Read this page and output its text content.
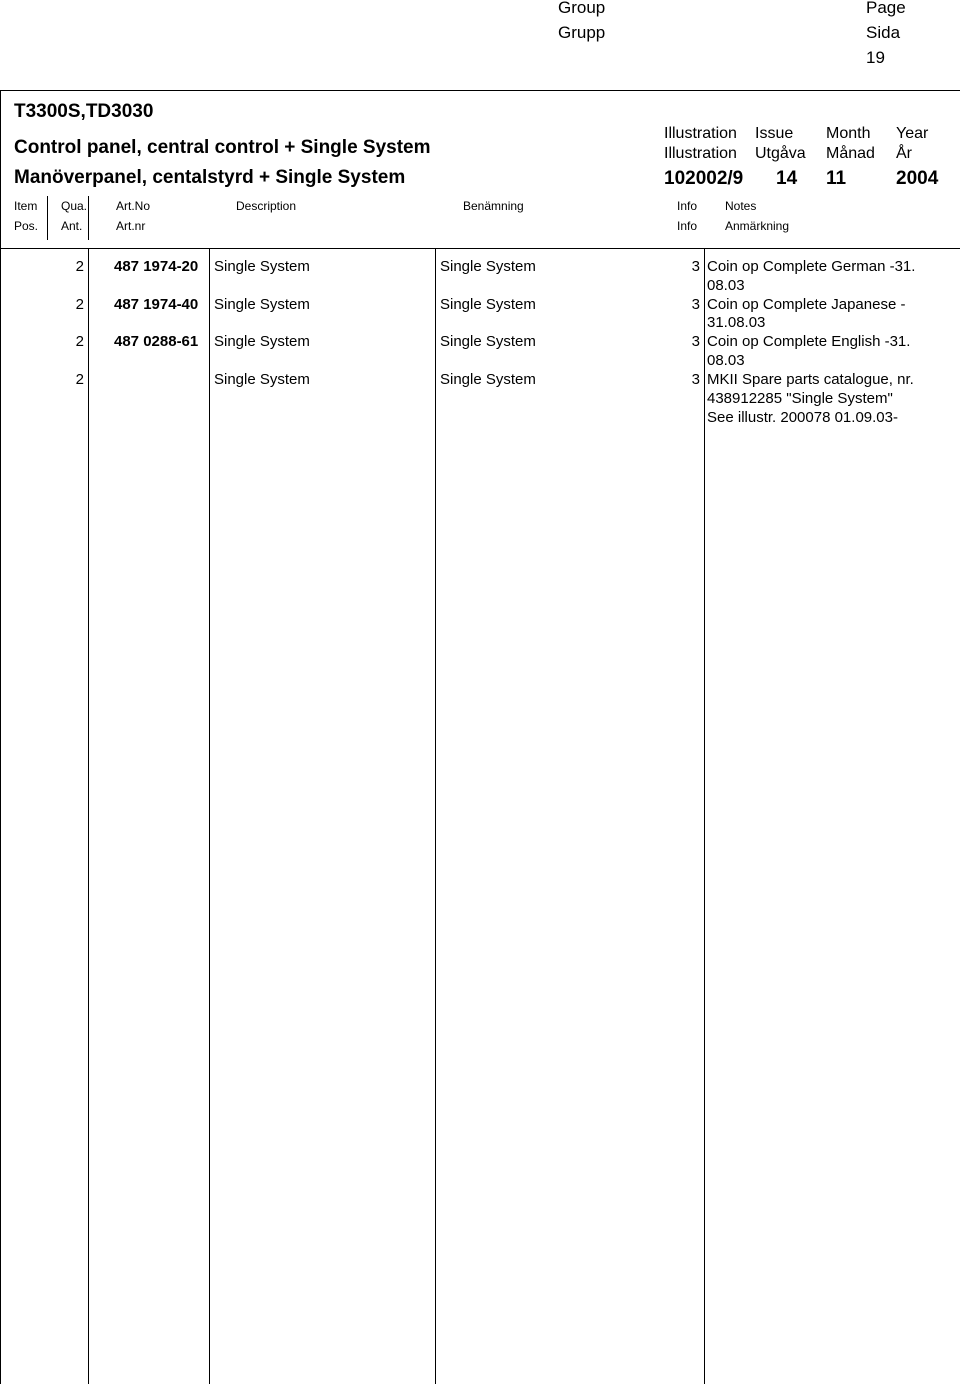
Group
Grupp
Page
Sida
19
T3300S,TD3030
Control panel, central control + Single System
Manöverpanel, centalstyrd + Single System
Illustration Issue Month Year
Illustration Utgåva Månad År
102002/9 14 11	2004
Item Qua. Art.No	Description	Benämning	Info Notes
Pos. Ant.	Art.nr	Info Anmärkning
2 487 1974-20 Single System	Single System	3 Coin op Complete German -31.
08.03
2 487 1974-40 Single System	Single System	3 Coin op Complete Japanese -
31.08.03
2 487 0288-61 Single System	Single System	3 Coin op Complete English -31.
08.03
2	Single System	Single System	3 MKII Spare parts catalogue, nr.
438912285 "Single System"
See illustr. 200078 01.09.03-
